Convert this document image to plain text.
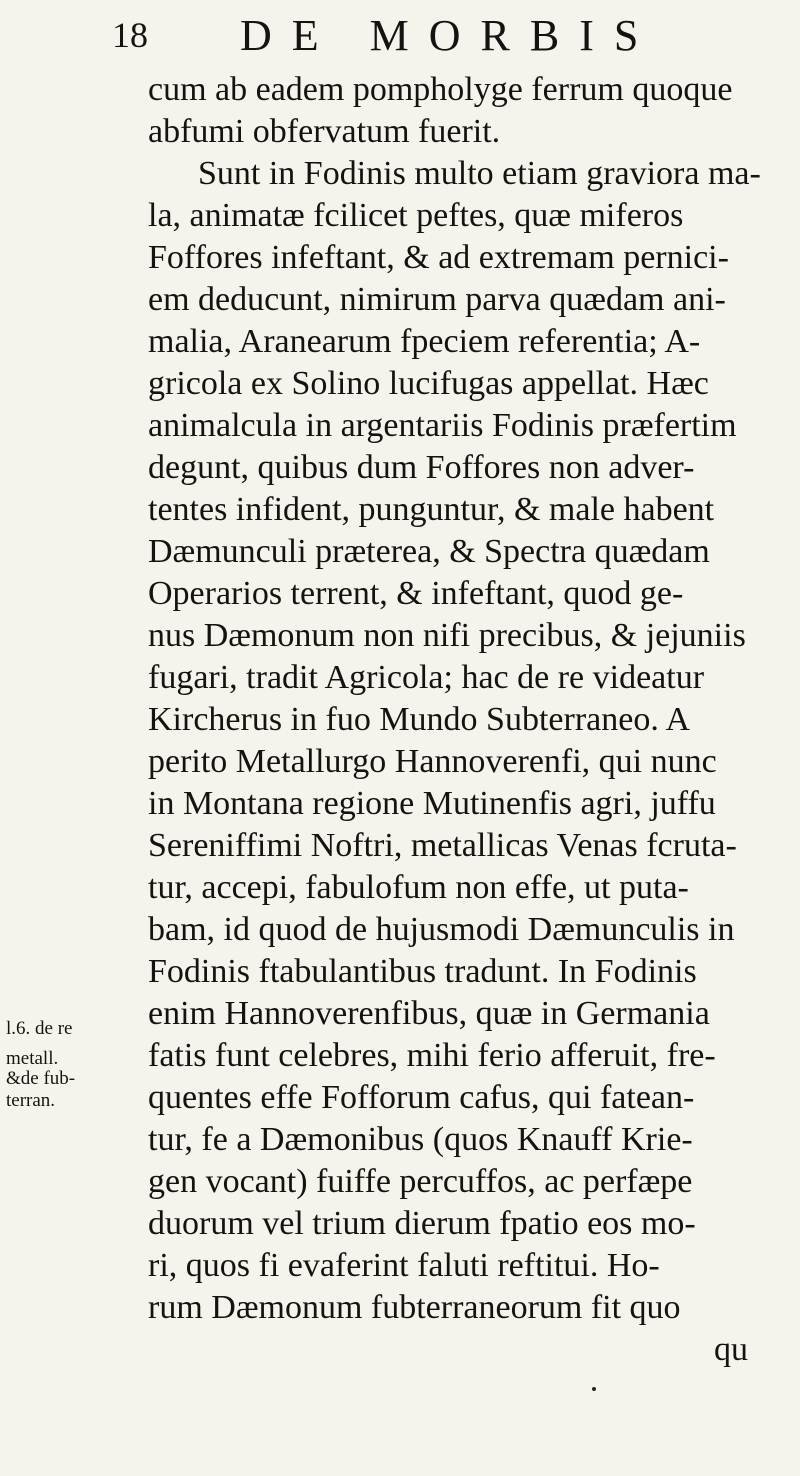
18 DE MORBIS
l.6. de re
metall.
&de fub-
terran.
cum ab eadem pompholyge ferrum quoque
abfumi obfervatum fuerit.
Sunt in Fodinis multo etiam graviora ma-
la, animatæ fcilicet peftes, quæ miferos
Foffores infeftant, & ad extremam pernici-
em deducunt, nimirum parva quædam ani-
malia, Aranearum fpeciem referentia; A-
gricola ex Solino lucifugas appellat. Hæc
animalcula in argentariis Fodinis præfertim
degunt, quibus dum Foffores non adver-
tentes infident, punguntur, & male habent
Dæmunculi præterea, & Spectra quædam
Operarios terrent, & infeftant, quod ge-
nus Dæmonum non nifi precibus, & jejuniis
fugari, tradit Agricola; hac de re videatur
Kircherus in fuo Mundo Subterraneo. A
perito Metallurgo Hannoverenfi, qui nunc
in Montana regione Mutinenfis agri, juffu
Sereniffimi Noftri, metallicas Venas fcruta-
tur, accepi, fabulofum non effe, ut puta-
bam, id quod de hujusmodi Dæmunculis in
Fodinis ftabulantibus tradunt. In Fodinis
enim Hannoverenfibus, quæ in Germania
fatis funt celebres, mihi ferio afferuit, fre-
quentes effe Fofforum cafus, qui fatean-
tur, fe a Dæmonibus (quos Knauff Krie-
gen vocant) fuiffe percuffos, ac perfæpe
duorum vel trium dierum fpatio eos mo-
ri, quos fi evaferint faluti reftitui. Ho-
rum Dæmonum fubterraneorum fit quo
qu
